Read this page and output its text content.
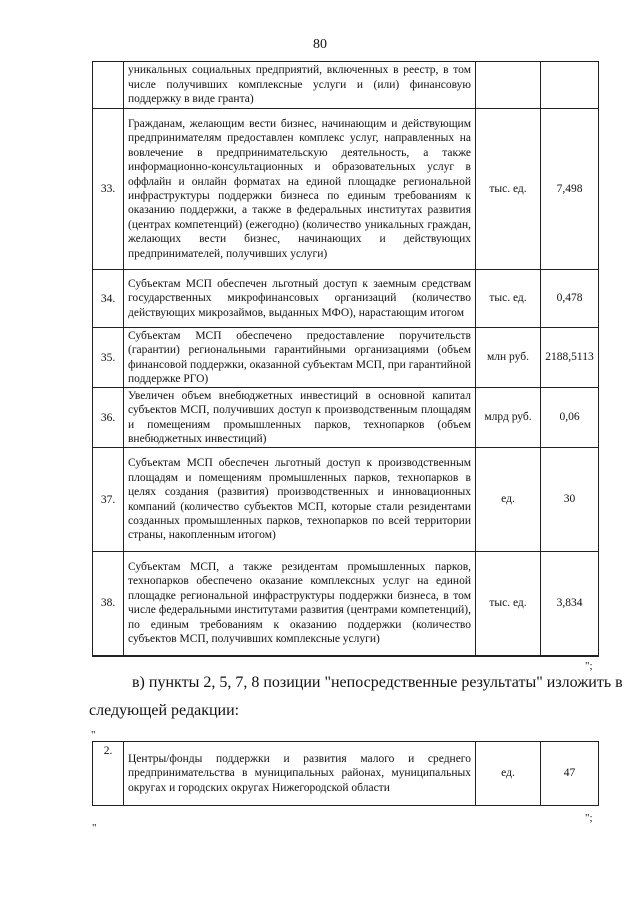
80
	уникальных социальных предприятий, включенных в реестр, в том числе получивших комплексные услуги и (или) финансовую поддержку в виде гранта)		
33.	Гражданам, желающим вести бизнес, начинающим и действующим предпринимателям предоставлен комплекс услуг, направленных на вовлечение в предпринимательскую деятельность, а также информационно-консультационных и образовательных услуг в оффлайн и онлайн форматах на единой площадке региональной инфраструктуры поддержки бизнеса по единым требованиям к оказанию поддержки, а также в федеральных институтах развития (центрах компетенций) (ежегодно) (количество уникальных граждан, желающих вести бизнес, начинающих и действующих предпринимателей, получивших услуги)	тыс. ед.	7,498
34.	Субъектам МСП обеспечен льготный доступ к заемным средствам государственных микрофинансовых организаций (количество действующих микрозаймов, выданных МФО), нарастающим итогом	тыс. ед.	0,478
35.	Субъектам МСП обеспечено предоставление поручительств (гарантии) региональными гарантийными организациями (объем финансовой поддержки, оказанной субъектам МСП, при гарантийной поддержке РГО)	млн руб.	2188,5113
36.	Увеличен объем внебюджетных инвестиций в основной капитал субъектов МСП, получивших доступ к производственным площадям и помещениям промышленных парков, технопарков (объем внебюджетных инвестиций)	млрд руб.	0,06
37.	Субъектам МСП обеспечен льготный доступ к производственным площадям и помещениям промышленных парков, технопарков в целях создания (развития) производственных и инновационных компаний (количество субъектов МСП, которые стали резидентами созданных промышленных парков, технопарков по всей территории страны, накопленным итогом)	ед.	30
38.	Субъектам МСП, а также резидентам промышленных парков, технопарков обеспечено оказание комплексных услуг на единой площадке региональной инфраструктуры поддержки бизнеса, в том числе федеральными институтами развития (центрами компетенций), по единым требованиям к оказанию поддержки (количество субъектов МСП, получивших комплексные услуги)	тыс. ед.	3,834
";
в) пункты 2, 5, 7, 8 позиции "непосредственные результаты" изложить в
следующей редакции:
"
2.	Центры/фонды поддержки и развития малого и среднего предпринимательства в муниципальных районах, муниципальных округах и городских округах Нижегородской области	ед.	47
";
"
